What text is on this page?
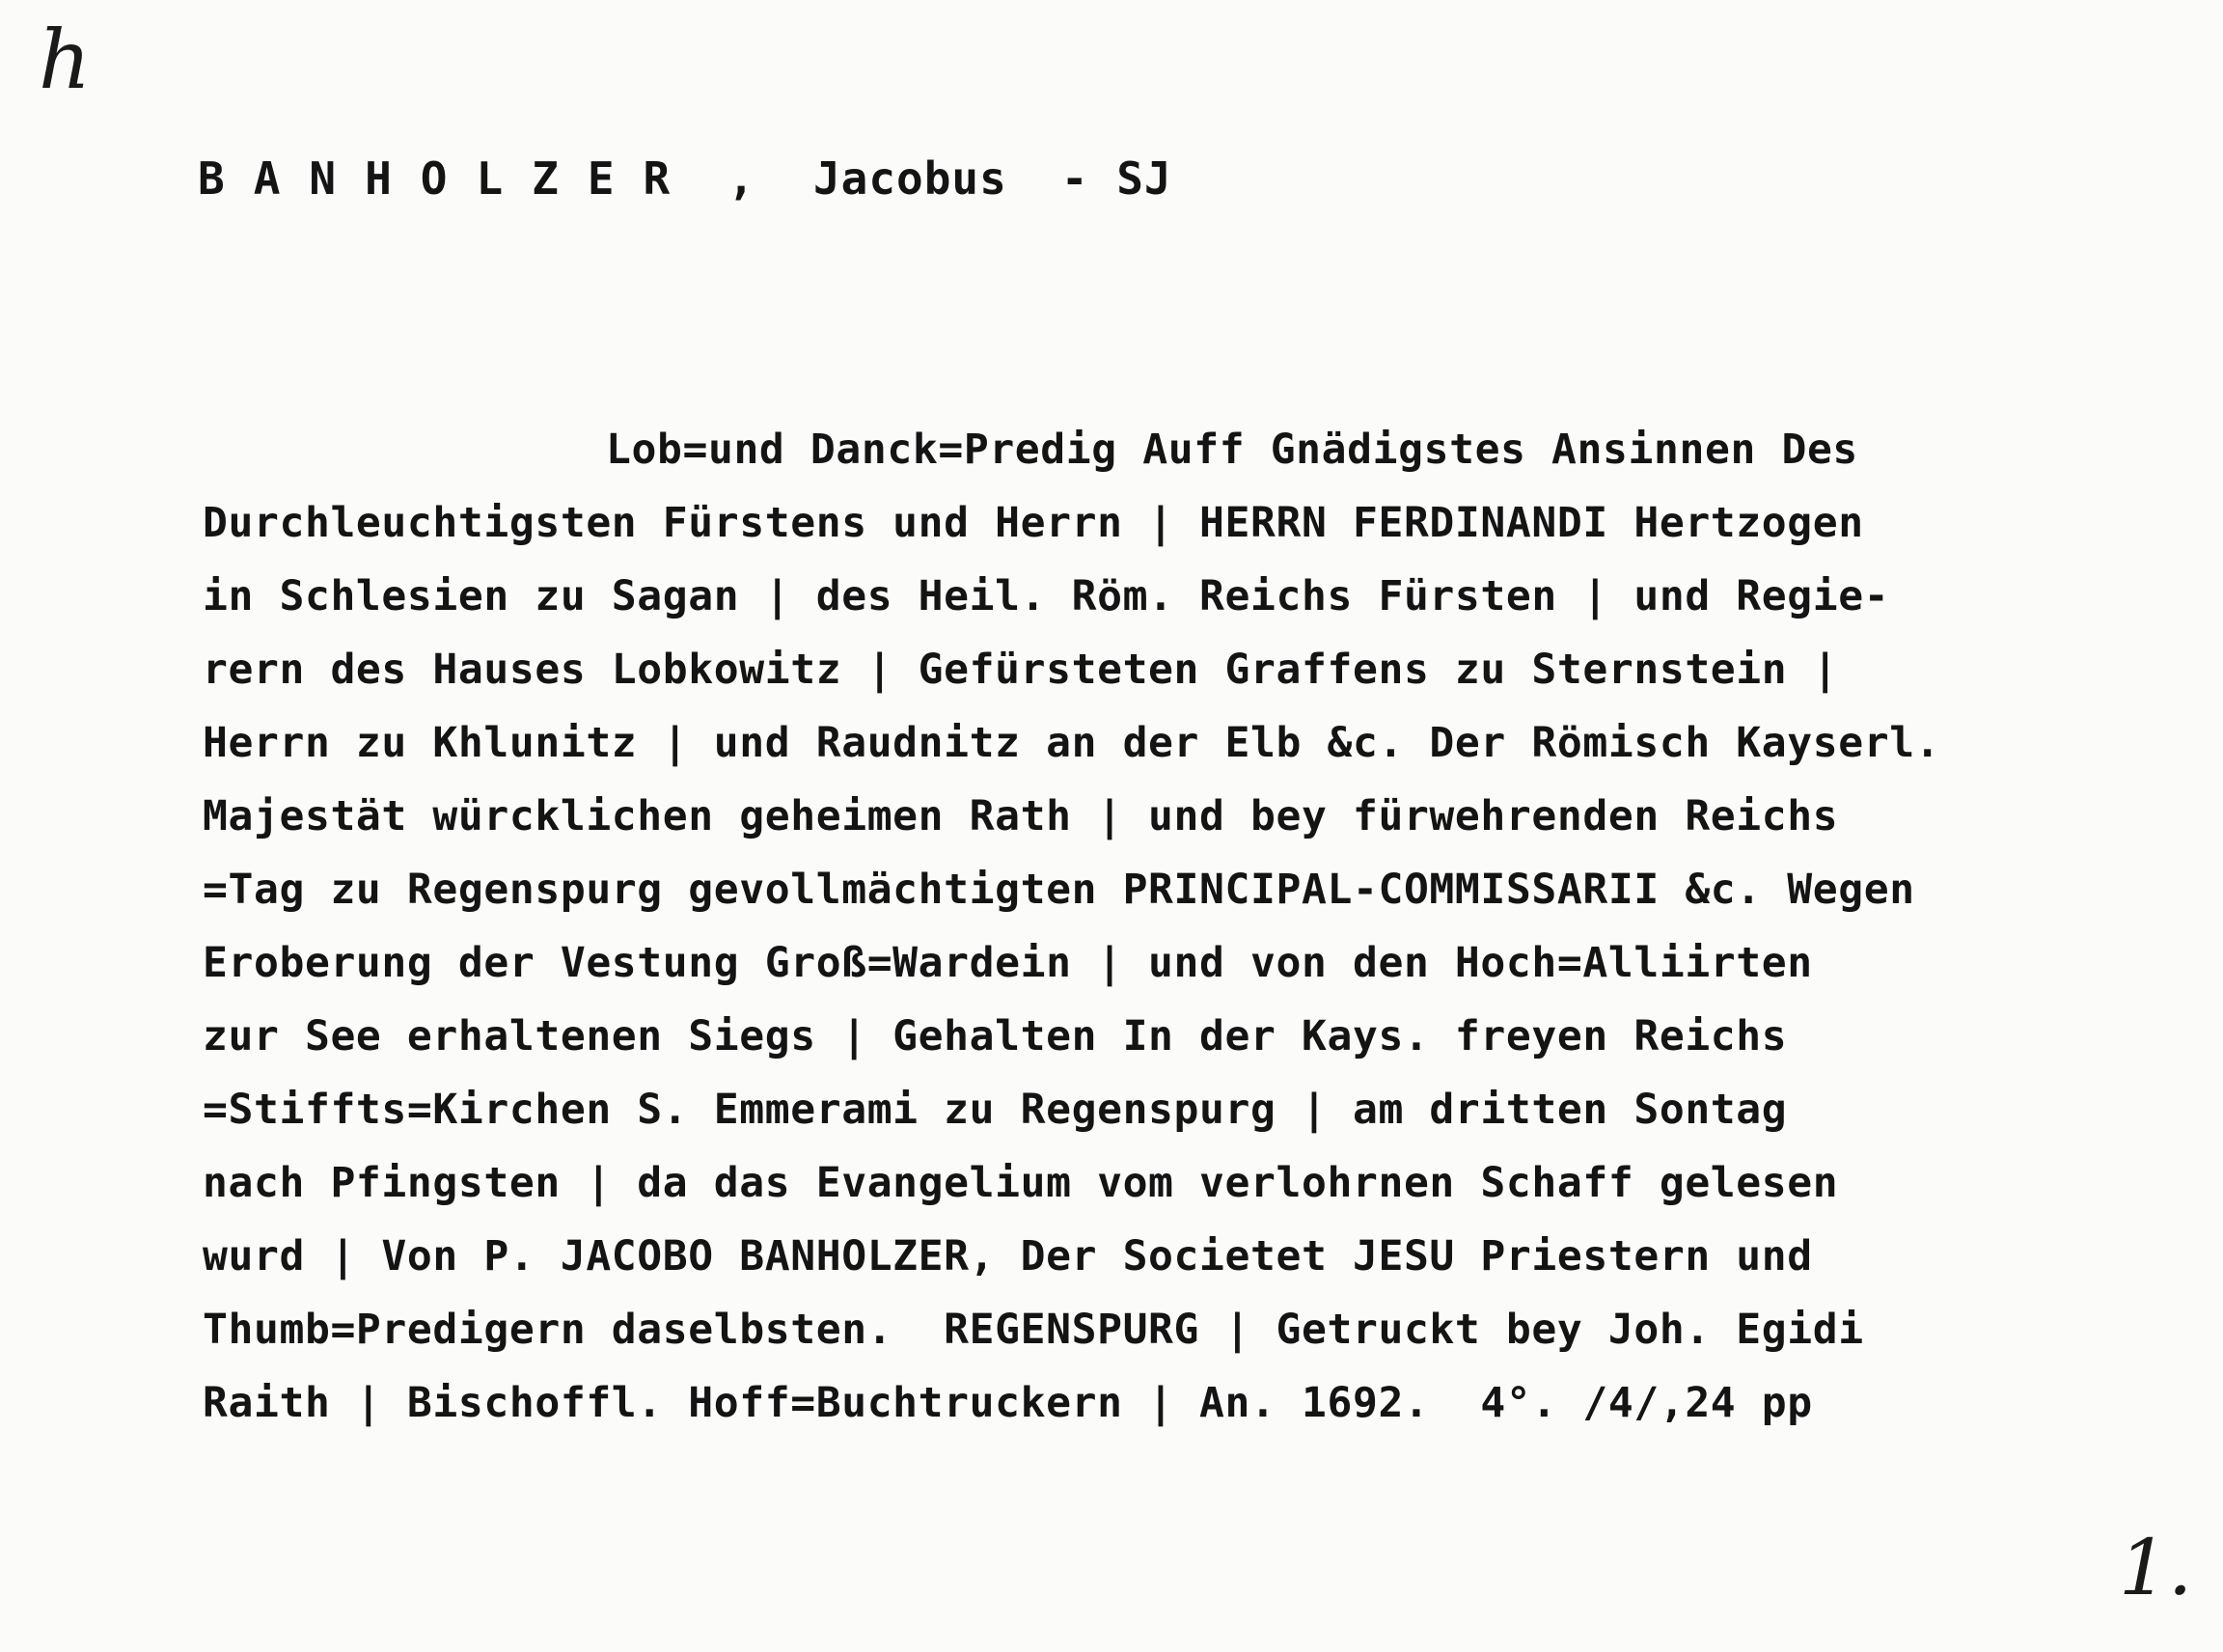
h
BANHOLZER , Jacobus - SJ
Lob=und Danck=Predig Auff Gnädigstes Ansinnen Des
Durchleuchtigsten Fürstens und Herrn | HERRN FERDINANDI Hertzogen
in Schlesien zu Sagan | des Heil. Röm. Reichs Fürsten | und Regie-
rern des Hauses Lobkowitz | Gefürsteten Graffens zu Sternstein |
Herrn zu Khlunitz | und Raudnitz an der Elb &c. Der Römisch Kayserl.
Majestät würcklichen geheimen Rath | und bey fürwehrenden Reichs
=Tag zu Regenspurg gevollmächtigten PRINCIPAL-COMMISSARII &c. Wegen
Eroberung der Vestung Groß=Wardein | und von den Hoch=Alliirten
zur See erhaltenen Siegs | Gehalten In der Kays. freyen Reichs
=Stiffts=Kirchen S. Emmerami zu Regenspurg | am dritten Sontag
nach Pfingsten | da das Evangelium vom verlohrnen Schaff gelesen
wurd | Von P. JACOBO BANHOLZER, Der Societet JESU Priestern und
Thumb=Predigern daselbsten.  REGENSPURG | Getruckt bey Joh. Egidi
Raith | Bischoffl. Hoff=Buchtruckern | An. 1692.  4°. /4/,24 pp
1.
